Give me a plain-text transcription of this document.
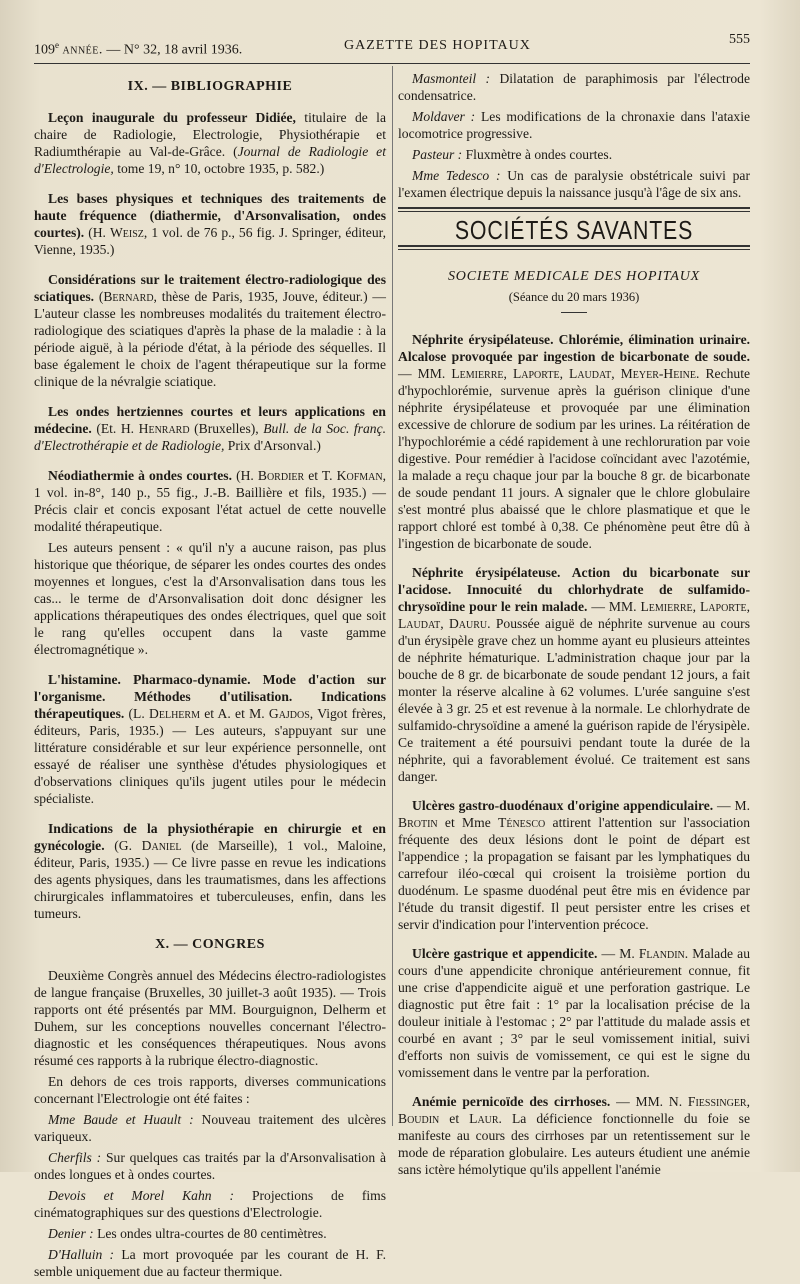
109e année. — N° 32, 18 avril 1936.	GAZETTE DES HOPITAUX	555
IX. — BIBLIOGRAPHIE

Leçon inaugurale du professeur Didiée, titulaire de la chaire de Radiologie, Electrologie, Physiothérapie et Radiumthérapie au Val-de-Grâce. (Journal de Radiologie et d'Electrologie, tome 19, n° 10, octobre 1935, p. 582.)

Les bases physiques et techniques des traitements de haute fréquence (diathermie, d'Arsonvalisation, ondes courtes). (H. Weisz, 1 vol. de 76 p., 56 fig. J. Springer, éditeur, Vienne, 1935.)

Considérations sur le traitement électro-radiologique des sciatiques. (Bernard, thèse de Paris, 1935, Jouve, éditeur.) — L'auteur classe les nombreuses modalités du traitement électro-radiologique des sciatiques d'après la phase de la maladie : à la période aiguë, à la période d'état, à la période des séquelles. Il base également le choix de l'agent thérapeutique sur la forme clinique de la névralgie sciatique.

Les ondes hertziennes courtes et leurs applications en médecine. (Et. H. Henrard (Bruxelles), Bull. de la Soc. franç. d'Electrothérapie et de Radiologie, Prix d'Arsonval.)

Néodiathermie à ondes courtes. (H. Bordier et T. Kofman, 1 vol. in-8°, 140 p., 55 fig., J.-B. Baillière et fils, 1935.) — Précis clair et concis exposant l'état actuel de cette nouvelle modalité thérapeutique.

Les auteurs pensent : « qu'il n'y a aucune raison, pas plus historique que théorique, de séparer les ondes courtes des ondes moyennes et longues, c'est la d'Arsonvalisation dans tous les cas... le terme de d'Arsonvalisation doit donc désigner les applications thérapeutiques des ondes électriques, quel que soit le rang qu'elles occupent dans la vaste gamme électromagnétique ».

L'histamine. Pharmaco-dynamie. Mode d'action sur l'organisme. Méthodes d'utilisation. Indications thérapeutiques. (L. Delherm et A. et M. Gajdos, Vigot frères, éditeurs, Paris, 1935.) — Les auteurs, s'appuyant sur une littérature considérable et sur leur expérience personnelle, ont essayé de réaliser une synthèse d'études physiologiques et d'observations cliniques qu'ils jugent utiles pour le médecin spécialiste.

Indications de la physiothérapie en chirurgie et en gynécologie. (G. Daniel (de Marseille), 1 vol., Maloine, éditeur, Paris, 1935.) — Ce livre passe en revue les indications des agents physiques, dans les traumatismes, dans les affections chirurgicales inflammatoires et tuberculeuses, enfin, dans les tumeurs.

X. — CONGRES

Deuxième Congrès annuel des Médecins électro-radiologistes de langue française (Bruxelles, 30 juillet-3 août 1935). — Trois rapports ont été présentés par MM. Bourguignon, Delherm et Duhem, sur les conceptions nouvelles concernant l'électro-diagnostic et les conséquences thérapeutiques. Nous avons résumé ces rapports à la rubrique électro-diagnostic.

En dehors de ces trois rapports, diverses communications concernant l'Electrologie ont été faites :

Mme Baude et Huault : Nouveau traitement des ulcères variqueux.

Cherfils : Sur quelques cas traités par la d'Arsonvalisation à ondes longues et à ondes courtes.

Devois et Morel Kahn : Projections de fims cinématographiques sur des questions d'Electrologie.

Denier : Les ondes ultra-courtes de 80 centimètres.

D'Halluin : La mort provoquée par les courant de H. F. semble uniquement due au facteur thermique.

Masmonteil : Dilatation de paraphimosis par l'électrode condensatrice.

Moldaver : Les modifications de la chronaxie dans l'ataxie locomotrice progressive.

Pasteur : Fluxmètre à ondes courtes.

Mme Tedesco : Un cas de paralysie obstétricale suivi par l'examen électrique depuis la naissance jusqu'à l'âge de six ans.

SOCIÉTÉS SAVANTES
SOCIETE MEDICALE DES HOPITAUX
(Séance du 20 mars 1936)

Néphrite érysipélateuse. Chlorémie, élimination urinaire. Alcalose provoquée par ingestion de bicarbonate de soude. — MM. Lemierre, Laporte, Laudat, Meyer-Heine. Rechute d'hypochlorémie, survenue après la guérison clinique d'une néphrite érysipélateuse et provoquée par une élimination excessive de chlorure de sodium par les urines. La réitération de l'hypochlorémie a cédé rapidement à une rechloruration par voie digestive. Pour remédier à l'acidose coïncidant avec l'azotémie, la malade a reçu chaque jour par la bouche 8 gr. de bicarbonate de soude pendant 11 jours. A signaler que le chlore globulaire s'est montré plus abaissé que le chlore plasmatique et que le rapport chloré est tombé à 0,38. Ce phénomène peut être dû à l'ingestion de bicarbonate de soude.

Néphrite érysipélateuse. Action du bicarbonate sur l'acidose. Innocuité du chlorhydrate de sulfamido-chrysoïdine pour le rein malade. — MM. Lemierre, Laporte, Laudat, Dauru. Poussée aiguë de néphrite survenue au cours d'un érysipèle grave chez un homme ayant eu plusieurs atteintes de néphrite hématurique. L'administration chaque jour par la bouche de 8 gr. de bicarbonate de soude pendant 12 jours, a fait monter la réserve alcaline à 62 volumes. L'urée sanguine s'est élevée à 3 gr. 25 et est revenue à la normale. Le chlorhydrate de sulfamido-chrysoïdine a amené la guérison rapide de l'érysipèle. Ce traitement a été poursuivi pendant toute la durée de la néphrite, qui a favorablement évolué. Ce traitement est sans danger.

Ulcères gastro-duodénaux d'origine appendiculaire. — M. Brotin et Mme Ténesco attirent l'attention sur l'association fréquente des deux lésions dont le point de départ est l'appendice ; la propagation se faisant par les lymphatiques du carrefour iléo-cœcal qui croisent la troisième portion du duodénum. Le spasme duodénal peut être mis en évidence par l'étude du transit digestif. Il peut persister entre les crises et servir d'indication pour l'intervention précoce.

Ulcère gastrique et appendicite. — M. Flandin. Malade au cours d'une appendicite chronique antérieurement connue, fit une crise d'appendicite aiguë et une perforation gastrique. Le diagnostic put être fait : 1° par la localisation précise de la douleur initiale à l'estomac ; 2° par l'attitude du malade assis et courbé en avant ; 3° par le seul vomissement initial, suivi d'efforts non suivis de vomissement, ce qui est le signe du vomissement dans le ventre par la perforation.

Anémie pernicoïde des cirrhoses. — MM. N. Fiessinger, Boudin et Laur. La déficience fonctionnelle du foie se manifeste au cours des cirrhoses par un retentissement sur le mode de réparation globulaire. Les auteurs étudient une anémie sans ictère hémolytique qu'ils appellent l'anémie
